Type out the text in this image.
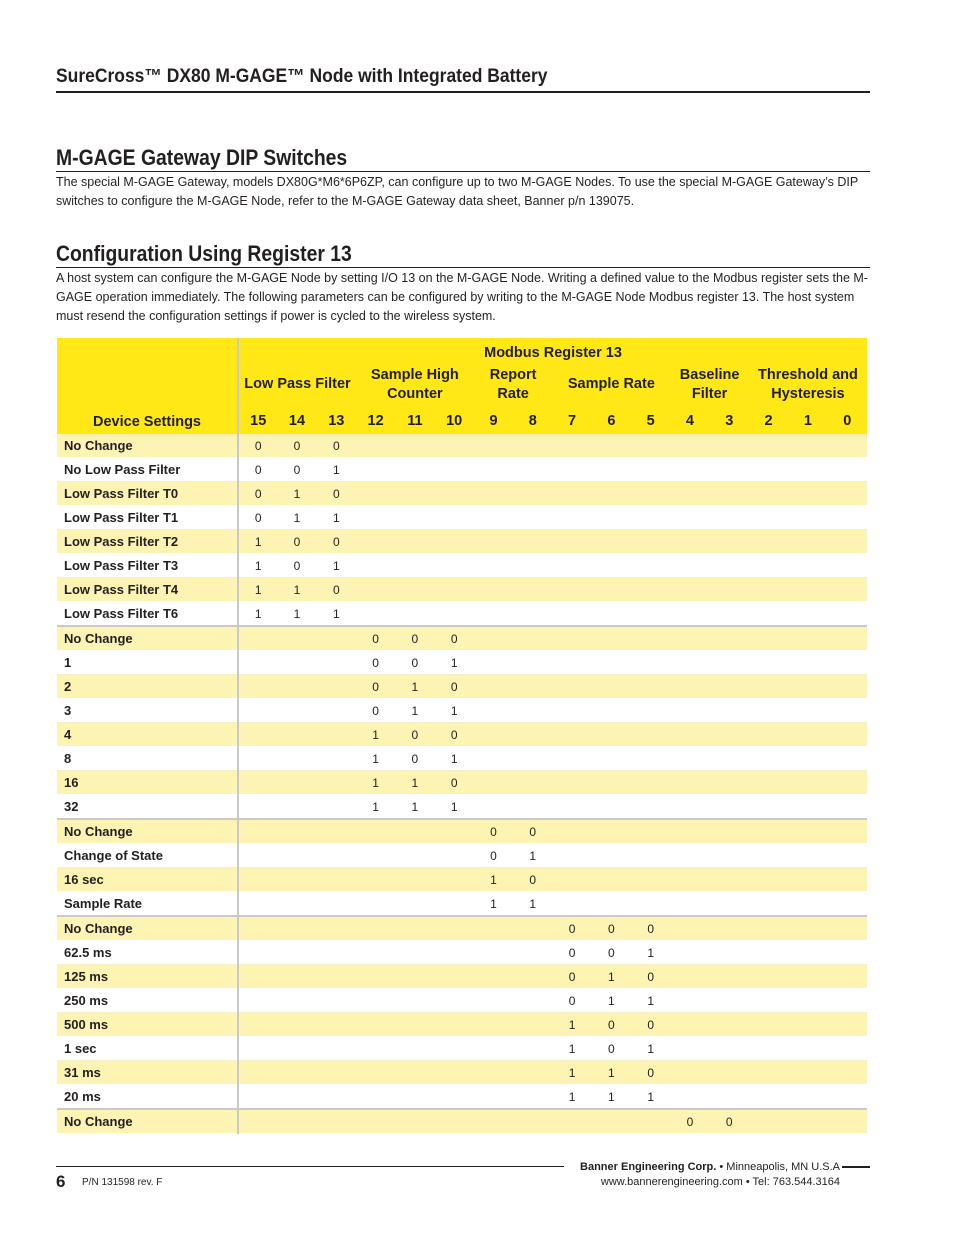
SureCross™ DX80 M-GAGE™ Node with Integrated Battery
M-GAGE Gateway DIP Switches
The special M-GAGE Gateway, models DX80G*M6*6P6ZP, can configure up to two M-GAGE Nodes. To use the special M-GAGE Gateway’s DIP switches to configure the M-GAGE Node, refer to the M-GAGE Gateway data sheet, Banner p/n 139075.
Configuration Using Register 13
A host system can configure the M-GAGE Node by setting I/O 13 on the M-GAGE Node. Writing a defined value to the Modbus register sets the M-GAGE operation immediately. The following parameters can be configured by writing to the M-GAGE Node Modbus register 13. The host system must resend the configuration settings if power is cycled to the wireless system.
Device Settings	Modbus Register 13															
	Low Pass Filter			Sample High Counter			Report Rate		Sample Rate			Baseline Filter		Threshold and Hysteresis		
	15	14	13	12	11	10	9	8	7	6	5	4	3	2	1	0
No Change	0	0	0													
No Low Pass Filter	0	0	1													
Low Pass Filter T0	0	1	0													
Low Pass Filter T1	0	1	1													
Low Pass Filter T2	1	0	0													
Low Pass Filter T3	1	0	1													
Low Pass Filter T4	1	1	0													
Low Pass Filter T6	1	1	1													
No Change				0	0	0										
1				0	0	1										
2				0	1	0										
3				0	1	1										
4				1	0	0										
8				1	0	1										
16				1	1	0										
32				1	1	1										
No Change							0	0								
Change of State							0	1								
16 sec							1	0								
Sample Rate							1	1								
No Change									0	0	0					
62.5 ms									0	0	1					
125 ms									0	1	0					
250 ms									0	1	1					
500 ms									1	0	0					
1 sec									1	0	1					
31 ms									1	1	0					
20 ms									1	1	1					
No Change												0	0			
6 P/N 131598 rev. F
Banner Engineering Corp. • Minneapolis, MN U.S.A
www.bannerengineering.com • Tel: 763.544.3164
